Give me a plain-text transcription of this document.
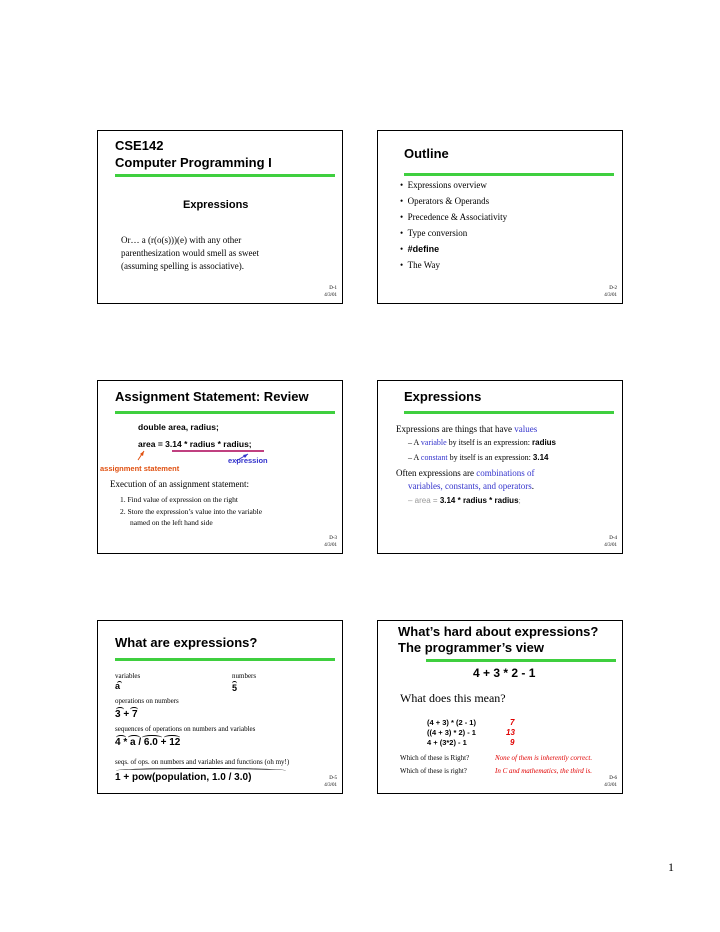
CSE142
Computer Programming I
Expressions
Or… a (r(o(s)))(e) with any other
parenthesization would smell as sweet
(assuming spelling is associative).
D-1
4/3/01
Outline
•  Expressions overview
•  Operators & Operands
•  Precedence & Associativity
•  Type conversion
•  #define
•  The Way
D-2
4/3/01
Assignment Statement: Review
double area, radius;
area = 3.14 * radius * radius;
expression
assignment statement
Execution of an assignment statement:
1. Find value of expression on the right
2. Store the expression’s value into the variable
named on the left hand side
D-3
4/3/01
Expressions
Expressions are things that have values
– A variable by itself is an expression: radius
– A constant by itself is an expression: 3.14
Often expressions are combinations of
variables, constants, and operators.
– area = 3.14 * radius * radius;
D-4
4/3/01
What are expressions?
variables	numbers
a	5
operations on numbers
3 + 7
sequences of operations on numbers and variables
4 * a / 6.0 + 12
seqs. of ops. on numbers and variables and functions (oh my!)
1 + pow(population, 1.0 / 3.0)	D-5
4/3/01
What’s hard about expressions?
The programmer’s view
4 + 3 * 2 - 1
What does this mean?
(4 + 3) * (2 - 1)	7
((4 + 3) * 2) - 1	13
4 + (3*2) - 1	9
Which of these is Right?	None of them is inherently correct.
Which of these is right?	In C and mathematics, the third is.
D-6
4/3/01
1
